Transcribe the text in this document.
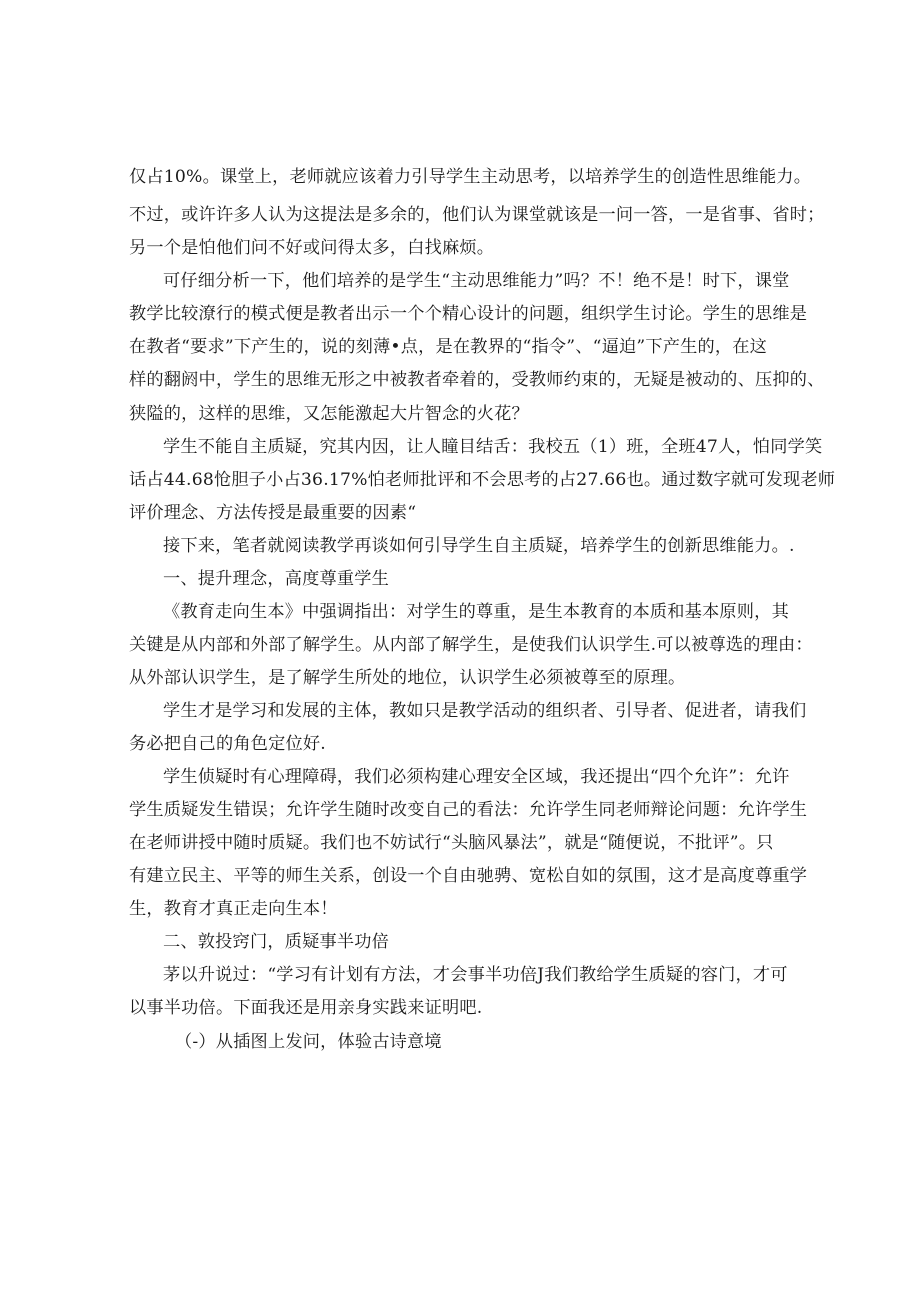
仅占10%。课堂上，老师就应该着力引导学生主动思考，以培养学生的创造性思维能力。
不过，或许许多人认为这提法是多余的，他们认为课堂就该是一问一答，一是省事、省时；
另一个是怕他们问不好或问得太多，白找麻烦。
可仔细分析一下，他们培养的是学生“主动思维能力”吗？不！绝不是！时下，课堂
教学比较潦行的模式便是教者出示一个个精心设计的问题，组织学生讨论。学生的思维是
在教者“要求”下产生的，说的刻薄•点，是在教界的“指令”、“逼迫”下产生的，在这
样的翻阏中，学生的思维无形之中被教者牵着的，受教师约束的，无疑是被动的、压抑的、
狭隘的，这样的思维，又怎能激起大片智念的火花？
学生不能自主质疑，究其内因，让人瞳目结舌：我校五（1）班，全班47人，怕同学笑
话占44.68怆胆子小占36.17%怕老师批评和不会思考的占27.66也。通过数字就可发现老师
评价理念、方法传授是最重要的因素“
接下来，笔者就阅读教学再谈如何引导学生自主质疑，培养学生的创新思维能力。.
一、提升理念，高度尊重学生
《教育走向生本》中强调指出：对学生的尊重，是生本教育的本质和基本原则，其
关键是从内部和外部了解学生。从内部了解学生，是使我们认识学生.可以被尊选的理由：
从外部认识学生，是了解学生所处的地位，认识学生必须被尊至的原理。
学生才是学习和发展的主体，教如只是教学活动的组织者、引导者、促进者，请我们
务必把自己的角色定位好.
学生侦疑时有心理障碍，我们必须构建心理安全区域，我还提出“四个允许”：允许
学生质疑发生错误；允许学生随时改变自己的看法：允许学生同老师辩论问题：允许学生
在老师讲授中随时质疑。我们也不妨试行“头脑风暴法”，就是“随便说，不批评”。只
有建立民主、平等的师生关系，创设一个自由驰骋、宽松自如的氛围，这才是高度尊重学
生，教育才真正走向生本！
二、敦投窍门，质疑事半功倍
茅以升说过：“学习有计划有方法，才会事半功倍J我们教给学生质疑的容门，才可
以事半功倍。下面我还是用亲身实践来证明吧.
（-）从插图上发问，体验古诗意境
